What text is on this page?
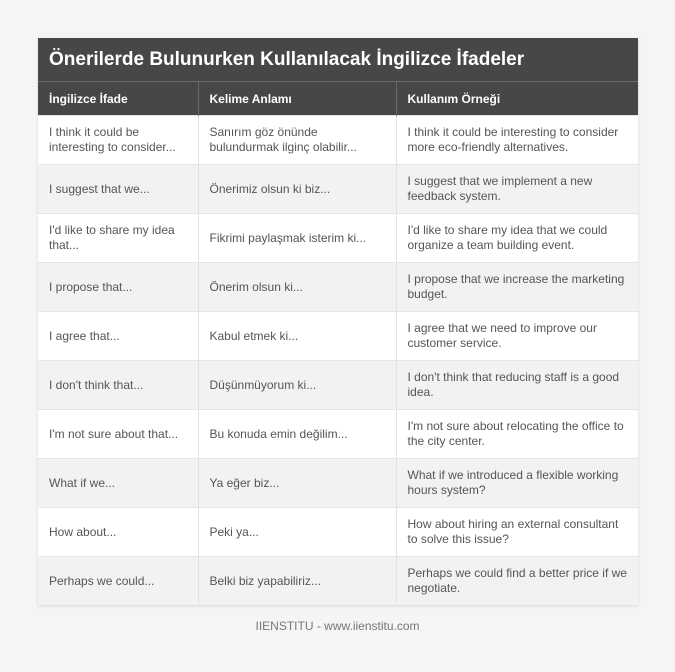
Önerilerde Bulunurken Kullanılacak İngilizce İfadeler
İngilizce İfade	Kelime Anlamı	Kullanım Örneği
I think it could be interesting to consider...	Sanırım göz önünde bulundurmak ilginç olabilir...	I think it could be interesting to consider more eco-friendly alternatives.
I suggest that we...	Önerimiz olsun ki biz...	I suggest that we implement a new feedback system.
I'd like to share my idea that...	Fikrimi paylaşmak isterim ki...	I'd like to share my idea that we could organize a team building event.
I propose that...	Önerim olsun ki...	I propose that we increase the marketing budget.
I agree that...	Kabul etmek ki...	I agree that we need to improve our customer service.
I don't think that...	Düşünmüyorum ki...	I don't think that reducing staff is a good idea.
I'm not sure about that...	Bu konuda emin değilim...	I'm not sure about relocating the office to the city center.
What if we...	Ya eğer biz...	What if we introduced a flexible working hours system?
How about...	Peki ya...	How about hiring an external consultant to solve this issue?
Perhaps we could...	Belki biz yapabiliriz...	Perhaps we could find a better price if we negotiate.
IIENSTITU - www.iienstitu.com
